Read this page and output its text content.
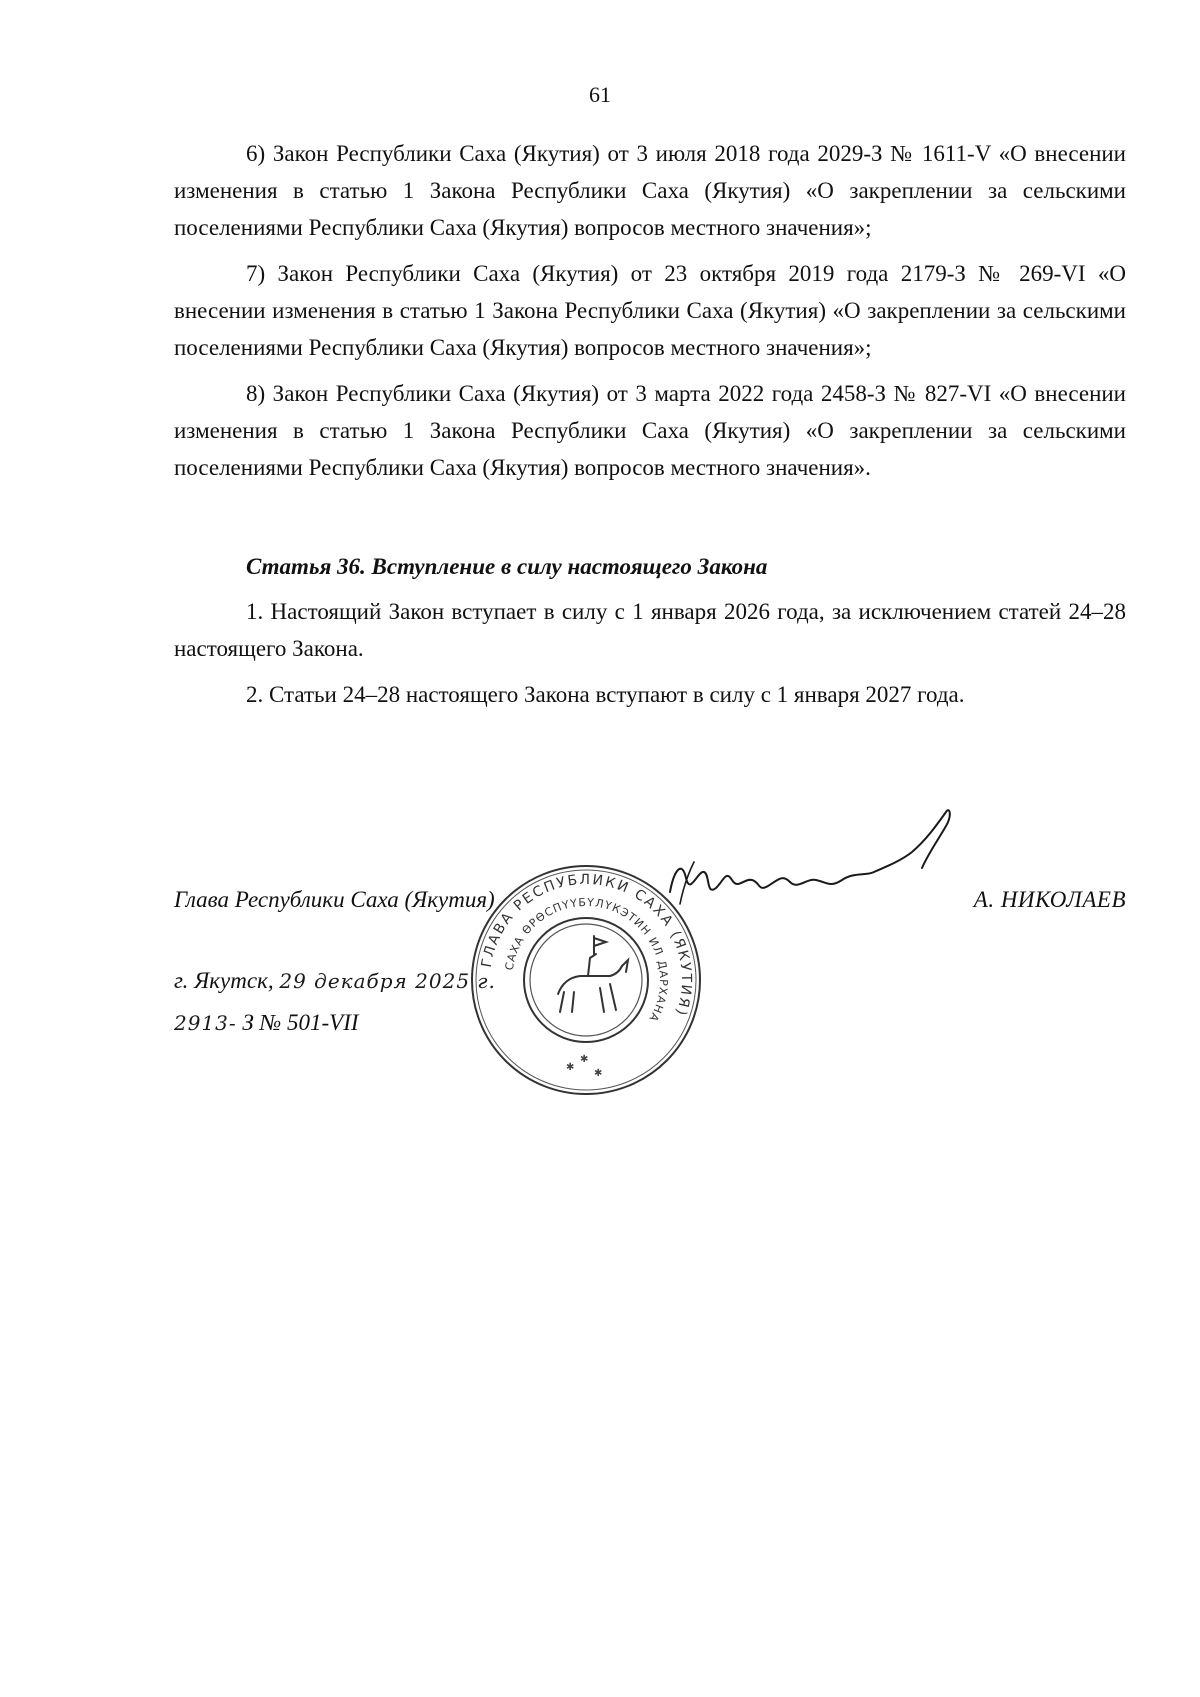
61

6) Закон Республики Саха (Якутия) от 3 июля 2018 года 2029-З № 1611-V «О внесении изменения в статью 1 Закона Республики Саха (Якутия) «О закреплении за сельскими поселениями Республики Саха (Якутия) вопросов местного значения»;

7) Закон Республики Саха (Якутия) от 23 октября 2019 года 2179-З № 269-VI «О внесении изменения в статью 1 Закона Республики Саха (Якутия) «О закреплении за сельскими поселениями Республики Саха (Якутия) вопросов местного значения»;

8) Закон Республики Саха (Якутия) от 3 марта 2022 года 2458-З № 827-VI «О внесении изменения в статью 1 Закона Республики Саха (Якутия) «О закреплении за сельскими поселениями Республики Саха (Якутия) вопросов местного значения».

Статья 36. Вступление в силу настоящего Закона

1. Настоящий Закон вступает в силу с 1 января 2026 года, за исключением статей 24–28 настоящего Закона.

2. Статьи 24–28 настоящего Закона вступают в силу с 1 января 2027 года.

Глава Республики Саха (Якутия)	А. НИКОЛАЕВ
г. Якутск, 29 декабря 2025 г.
2913- З № 501-VII
ГЛАВА РЕСПУБЛИКИ САХА (ЯКУТИЯ)
САХА ӨРӨСПҮҮБҮЛҮКЭТИН ИЛ ДАРХАНА
✱
✱
✱
